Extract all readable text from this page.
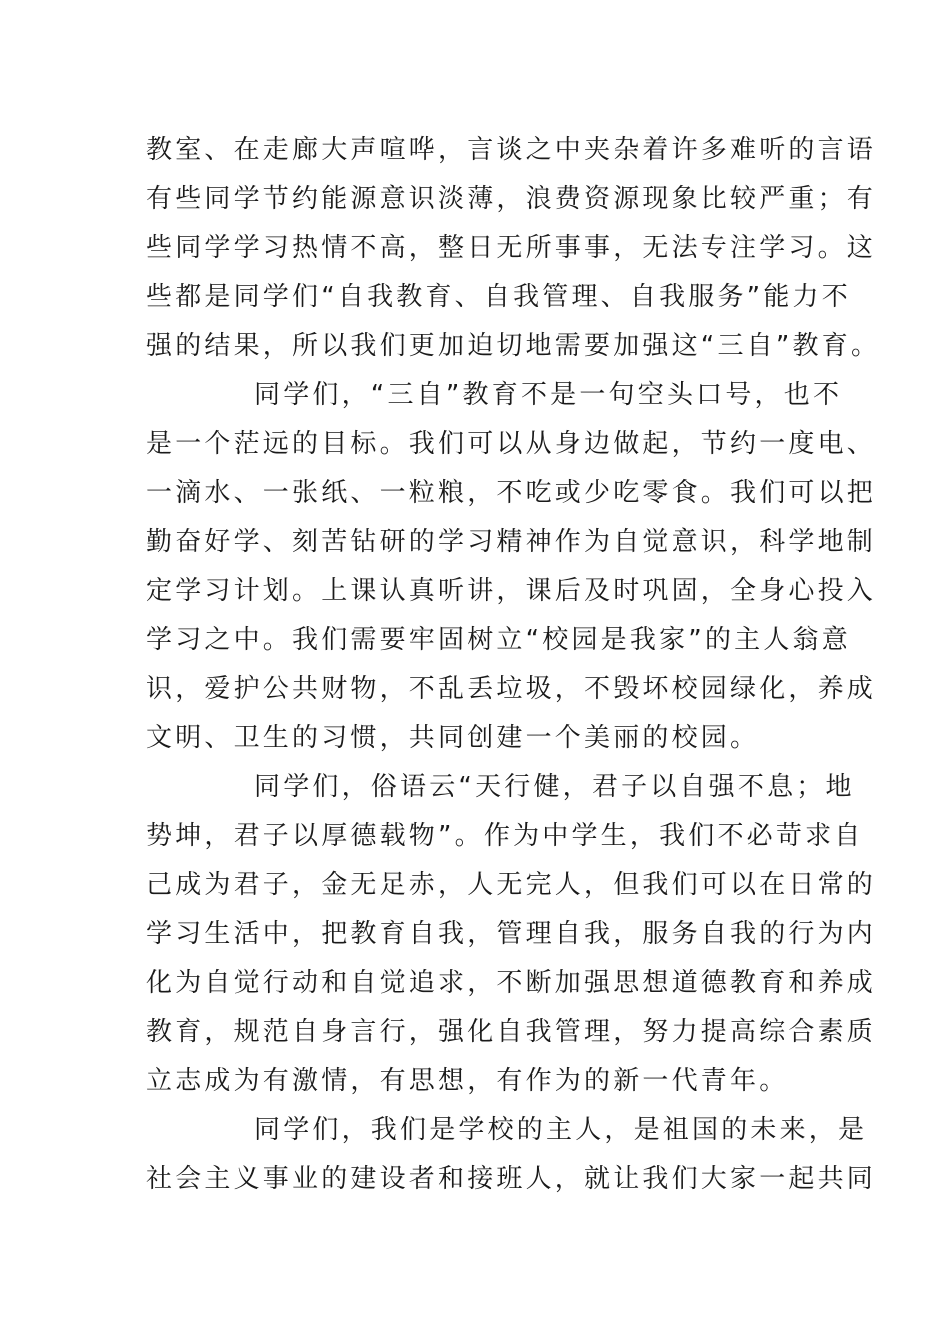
教室、在走廊大声喧哗，言谈之中夹杂着许多难听的言语
有些同学节约能源意识淡薄，浪费资源现象比较严重；有
些同学学习热情不高，整日无所事事，无法专注学习。这
些都是同学们“自我教育、自我管理、自我服务”能力不
强的结果，所以我们更加迫切地需要加强这“三自”教育。
同学们，“三自”教育不是一句空头口号，也不
是一个茫远的目标。我们可以从身边做起，节约一度电、
一滴水、一张纸、一粒粮，不吃或少吃零食。我们可以把
勤奋好学、刻苦钻研的学习精神作为自觉意识，科学地制
定学习计划。上课认真听讲，课后及时巩固，全身心投入
学习之中。我们需要牢固树立“校园是我家”的主人翁意
识，爱护公共财物，不乱丢垃圾，不毁坏校园绿化，养成
文明、卫生的习惯，共同创建一个美丽的校园。
同学们，俗语云“天行健，君子以自强不息；地
势坤，君子以厚德载物”。作为中学生，我们不必苛求自
己成为君子，金无足赤，人无完人，但我们可以在日常的
学习生活中，把教育自我，管理自我，服务自我的行为内
化为自觉行动和自觉追求，不断加强思想道德教育和养成
教育，规范自身言行，强化自我管理，努力提高综合素质
立志成为有激情，有思想，有作为的新一代青年。
同学们，我们是学校的主人，是祖国的未来，是
社会主义事业的建设者和接班人，就让我们大家一起共同
